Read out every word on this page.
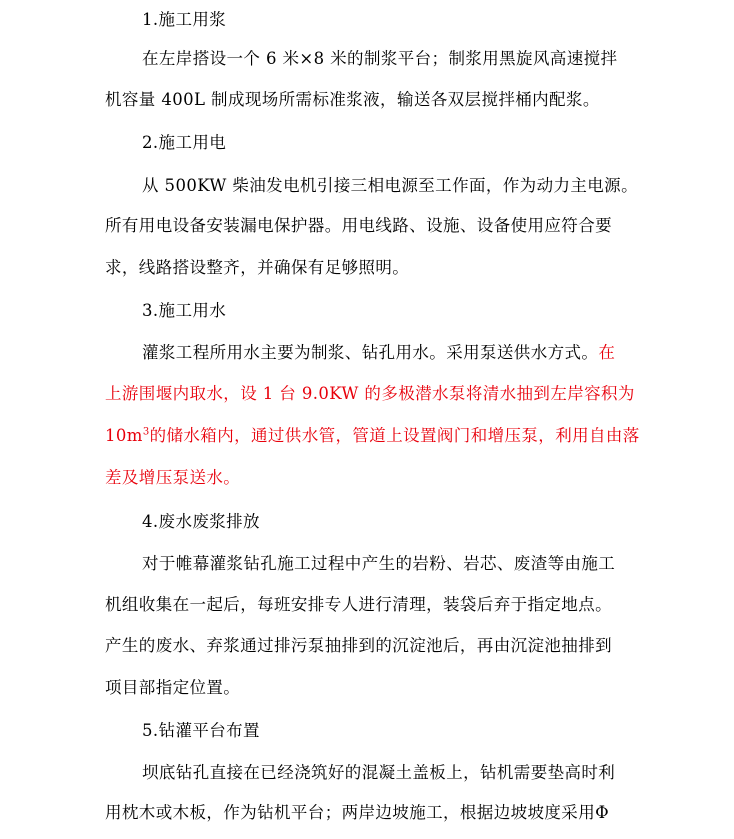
1.施工用浆
在左岸搭设一个 6 米×8 米的制浆平台；制浆用黑旋风高速搅拌
机容量 400L 制成现场所需标准浆液，输送各双层搅拌桶内配浆。
2.施工用电
从 500KW 柴油发电机引接三相电源至工作面，作为动力主电源。
所有用电设备安装漏电保护器。用电线路、设施、设备使用应符合要
求，线路搭设整齐，并确保有足够照明。
3.施工用水
灌浆工程所用水主要为制浆、钻孔用水。采用泵送供水方式。在
上游围堰内取水，设 1 台 9.0KW 的多极潜水泵将清水抽到左岸容积为
$10m^3$的储水箱内，通过供水管，管道上设置阀门和增压泵，利用自由落
差及增压泵送水。
4.废水废浆排放
对于帷幕灌浆钻孔施工过程中产生的岩粉、岩芯、废渣等由施工
机组收集在一起后，每班安排专人进行清理，装袋后弃于指定地点。
产生的废水、弃浆通过排污泵抽排到的沉淀池后，再由沉淀池抽排到
项目部指定位置。
5.钻灌平台布置
坝底钻孔直接在已经浇筑好的混凝土盖板上，钻机需要垫高时利
用枕木或木板，作为钻机平台；两岸边坡施工，根据边坡坡度采用Φ
